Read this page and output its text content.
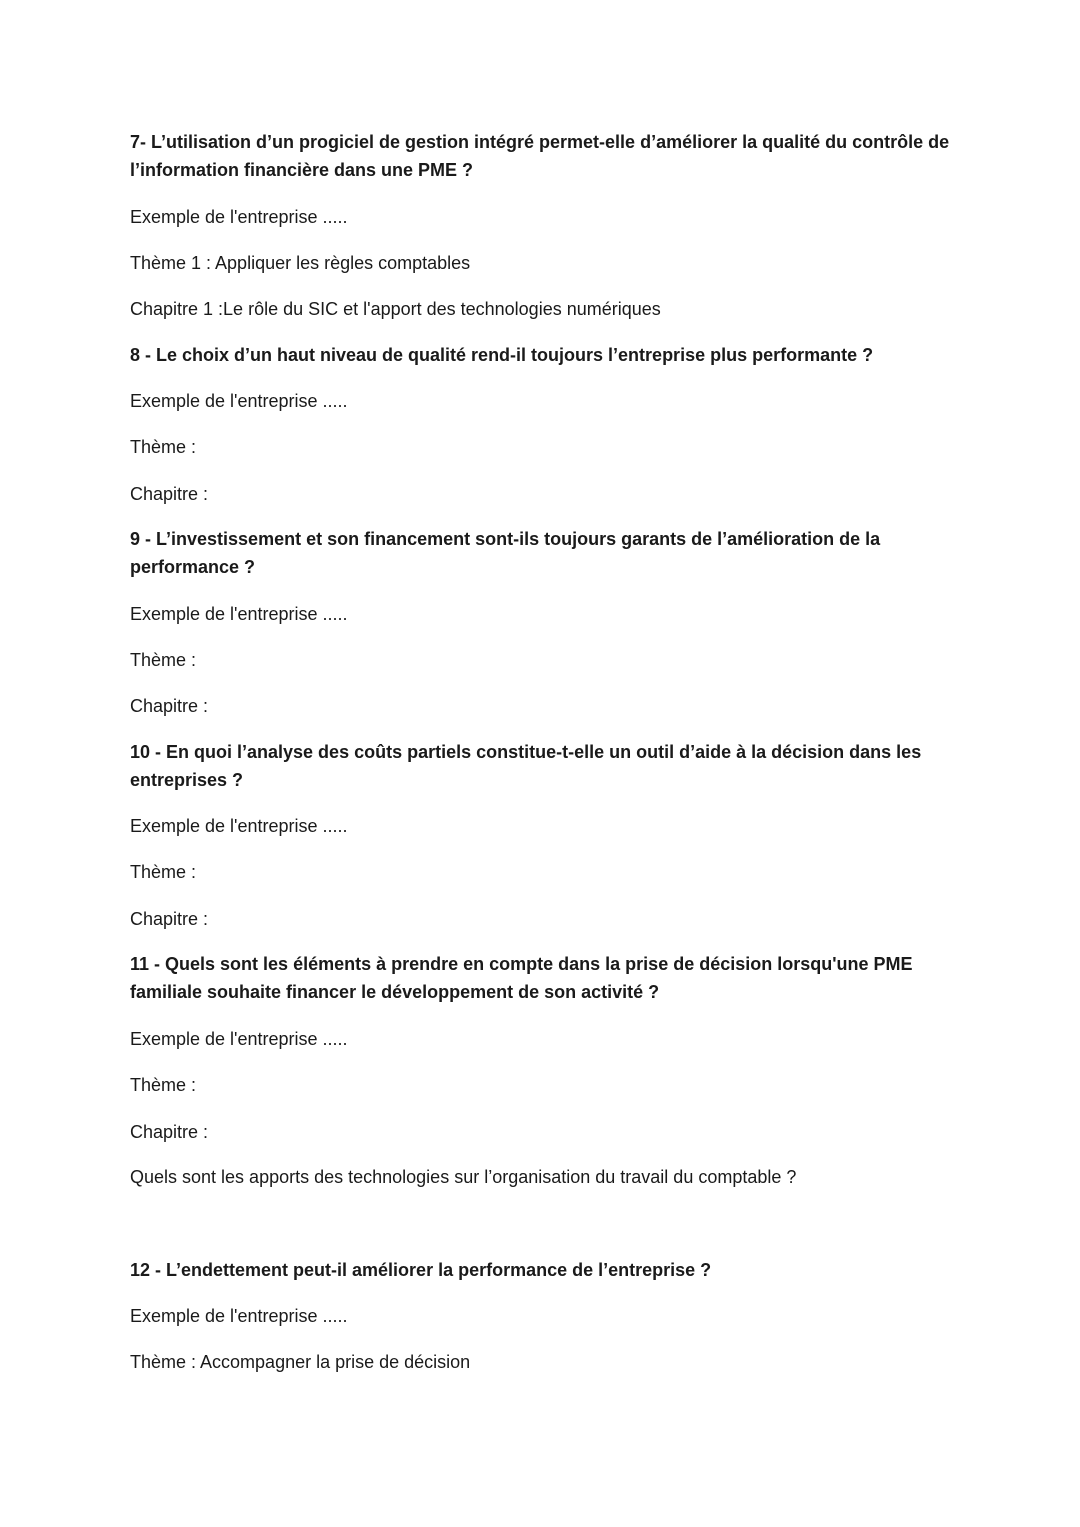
7- L’utilisation d’un progiciel de gestion intégré permet-elle d’améliorer la qualité du contrôle de l’information financière dans une PME ?
Exemple de l'entreprise .....
Thème 1 : Appliquer les règles comptables
Chapitre 1 :Le rôle du SIC et l'apport des technologies numériques
8 - Le choix d’un haut niveau de qualité rend-il toujours l’entreprise plus performante ?
Exemple de l'entreprise .....
Thème :
Chapitre :
9 - L’investissement et son financement sont-ils toujours garants de l’amélioration de la performance ?
Exemple de l'entreprise .....
Thème :
Chapitre :
10 - En quoi l’analyse des coûts partiels constitue-t-elle un outil d’aide à la décision dans les entreprises ?
Exemple de l'entreprise .....
Thème :
Chapitre :
11 - Quels sont les éléments à prendre en compte dans la prise de décision lorsqu'une PME familiale souhaite financer le développement de son activité ?
Exemple de l'entreprise .....
Thème :
Chapitre :
Quels sont les apports des technologies sur l’organisation du travail du comptable ?
12 - L’endettement peut-il améliorer la performance de l’entreprise ?
Exemple de l'entreprise .....
Thème : Accompagner la prise de décision
